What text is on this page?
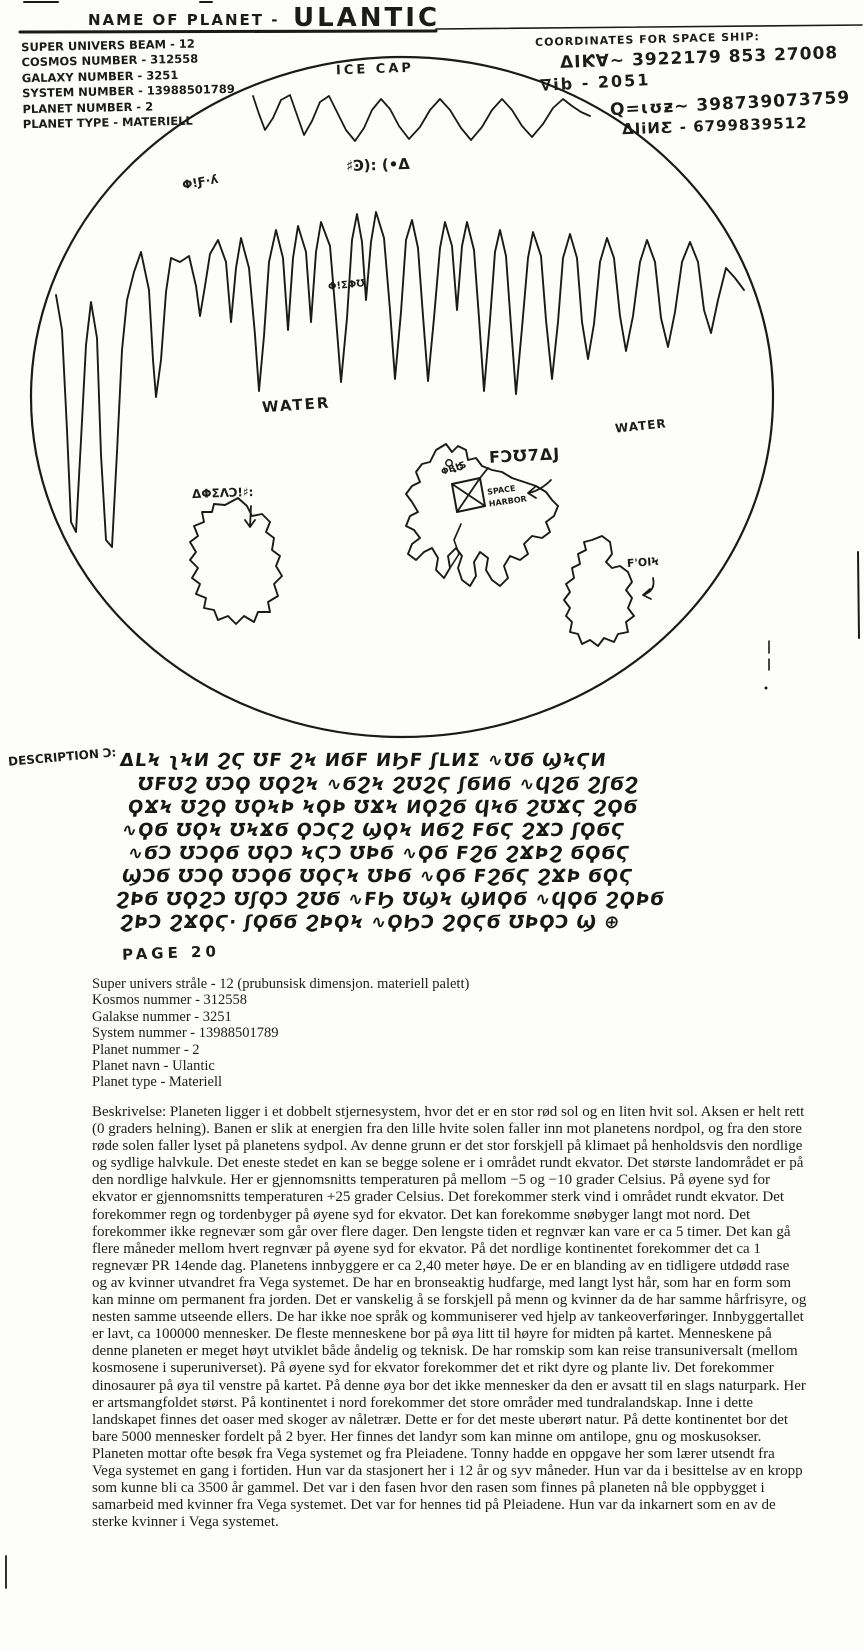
NAME OF PLANET - ULANTIC
SUPER UNIVERS BEAM - 12
COSMOS NUMBER - 312558
GALAXY NUMBER - 3251
SYSTEM NUMBER - 13988501789
PLANET NUMBER - 2
PLANET TYPE - MATERIELL
COORDINATES FOR SPACE SHIP:
ΔIƘ∀~ 3922179 853 27008
∇ib - 2051
Q=ɩʊƶ~ 398739073759
ΔIiͶƸ - 6799839512
ICE CAP
Φ!Ƒ·ʎ
♯Ͽ): (•Δ
Φ!ΣΦƱ
WATER
WATER
ΔΦΣΛϽ!♯:
FϽƱ7ΔЈ
ΦB!Ƽ
SPACE
HARBOR
F'OIϞ
DESCRIPTION Ͻ: ΔLϞ ʅϞͶ ϨϚ ƱϜ ϨϞ ͶϬϜ ͶϦϜ ʃLͶΣ ∿ƱϬ ϢϞϚͶ
ƱϜƱϨ ƱϽϘ ƱϘϨϞ ∿ϬϨϞ ϨƱϨϚ ʃϬͶϬ ∿ϤϨϬ ϨʃϬϨ
ϘϪϞ ƱϨϘ ƱϘϞϷ ϞϘϷ ƱϪϞ ͶϘϨϬ ϤϞϬ ϨƱϪϚ ϨϘϬ
∿ϘϬ ƱϘϞ ƱϞϪϬ ϘϽϚϨ ϢϘϞ ͶϬϨ ϜϬϚ ϨϪϽ ʃϘϬϚ
∿ϬϽ ƱϽϘϬ ƱϘϽ ϞϚϽ ƱϷϬ ∿ϘϬ ϜϨϬ ϨϪϷϨ ϬϘϬϚ
ϢϽϬ ƱϽϘ ƱϽϘϬ ƱϘϚϞ ƱϷϬ ∿ϘϬ ϜϨϬϚ ϨϪϷ ϬϘϚ
ϨϷϬ ƱϘϨϽ ƱʃϘϽ ϨƱϬ ∿ϜϦ ƱϢϞ ϢͶϘϬ ∿ϤϘϬ ϨϘϷϬ
ϨϷϽ ϨϪϘϚ· ʃϘϬϬ ϨϷϘϞ ∿ϘϦϽ ϨϘϚϬ ƱϷϘϽ Ϣ ⊕
PAGE 20
Super univers stråle - 12 (prubunsisk dimensjon. materiell palett)
Kosmos nummer - 312558
Galakse nummer - 3251
System nummer - 13988501789
Planet nummer - 2
Planet navn - Ulantic
Planet type - Materiell
Beskrivelse: Planeten ligger i et dobbelt stjernesystem, hvor det er en stor rød sol og en liten hvit sol. Aksen er helt rett (0 graders helning). Banen er slik at energien fra den lille hvite solen faller inn mot planetens nordpol, og fra den store røde solen faller lyset på planetens sydpol. Av denne grunn er det stor forskjell på klimaet på henholdsvis den nordlige og sydlige halvkule. Det eneste stedet en kan se begge solene er i området rundt ekvator. Det største landområdet er på den nordlige halvkule. Her er gjennomsnitts temperaturen på mellom −5 og −10 grader Celsius. På øyene syd for ekvator er gjennomsnitts temperaturen +25 grader Celsius. Det forekommer sterk vind i området rundt ekvator. Det forekommer regn og tordenbyger på øyene syd for ekvator. Det kan forekomme snøbyger langt mot nord. Det forekommer ikke regnevær som går over flere dager. Den lengste tiden et regnvær kan vare er ca 5 timer. Det kan gå flere måneder mellom hvert regnvær på øyene syd for ekvator. På det nordlige kontinentet forekommer det ca 1 regnevær PR 14ende dag. Planetens innbyggere er ca 2,40 meter høye. De er en blanding av en tidligere utdødd rase og av kvinner utvandret fra Vega systemet. De har en bronseaktig hudfarge, med langt lyst hår, som har en form som kan minne om permanent fra jorden. Det er vanskelig å se forskjell på menn og kvinner da de har samme hårfrisyre, og nesten samme utseende ellers. De har ikke noe språk og kommuniserer ved hjelp av tankeoverføringer. Innbyggertallet er lavt, ca 100000 mennesker. De fleste menneskene bor på øya litt til høyre for midten på kartet. Menneskene på denne planeten er meget høyt utviklet både åndelig og teknisk. De har romskip som kan reise transuniversalt (mellom kosmosene i superuniverset). På øyene syd for ekvator forekommer det et rikt dyre og plante liv. Det forekommer dinosaurer på øya til venstre på kartet. På denne øya bor det ikke mennesker da den er avsatt til en slags naturpark. Her er artsmangfoldet størst. På kontinentet i nord forekommer det store områder med tundralandskap. Inne i dette landskapet finnes det oaser med skoger av nåletrær. Dette er for det meste uberørt natur. På dette kontinentet bor det bare 5000 mennesker fordelt på 2 byer. Her finnes det landyr som kan minne om antilope, gnu og moskusokser. Planeten mottar ofte besøk fra Vega systemet og fra Pleiadene. Tonny hadde en oppgave her som lærer utsendt fra Vega systemet en gang i fortiden. Hun var da stasjonert her i 12 år og syv måneder. Hun var da i besittelse av en kropp som kunne bli ca 3500 år gammel. Det var i den fasen hvor den rasen som finnes på planeten nå ble oppbygget i samarbeid med kvinner fra Vega systemet. Det var for hennes tid på Pleiadene. Hun var da inkarnert som en av de sterke kvinner i Vega systemet.
